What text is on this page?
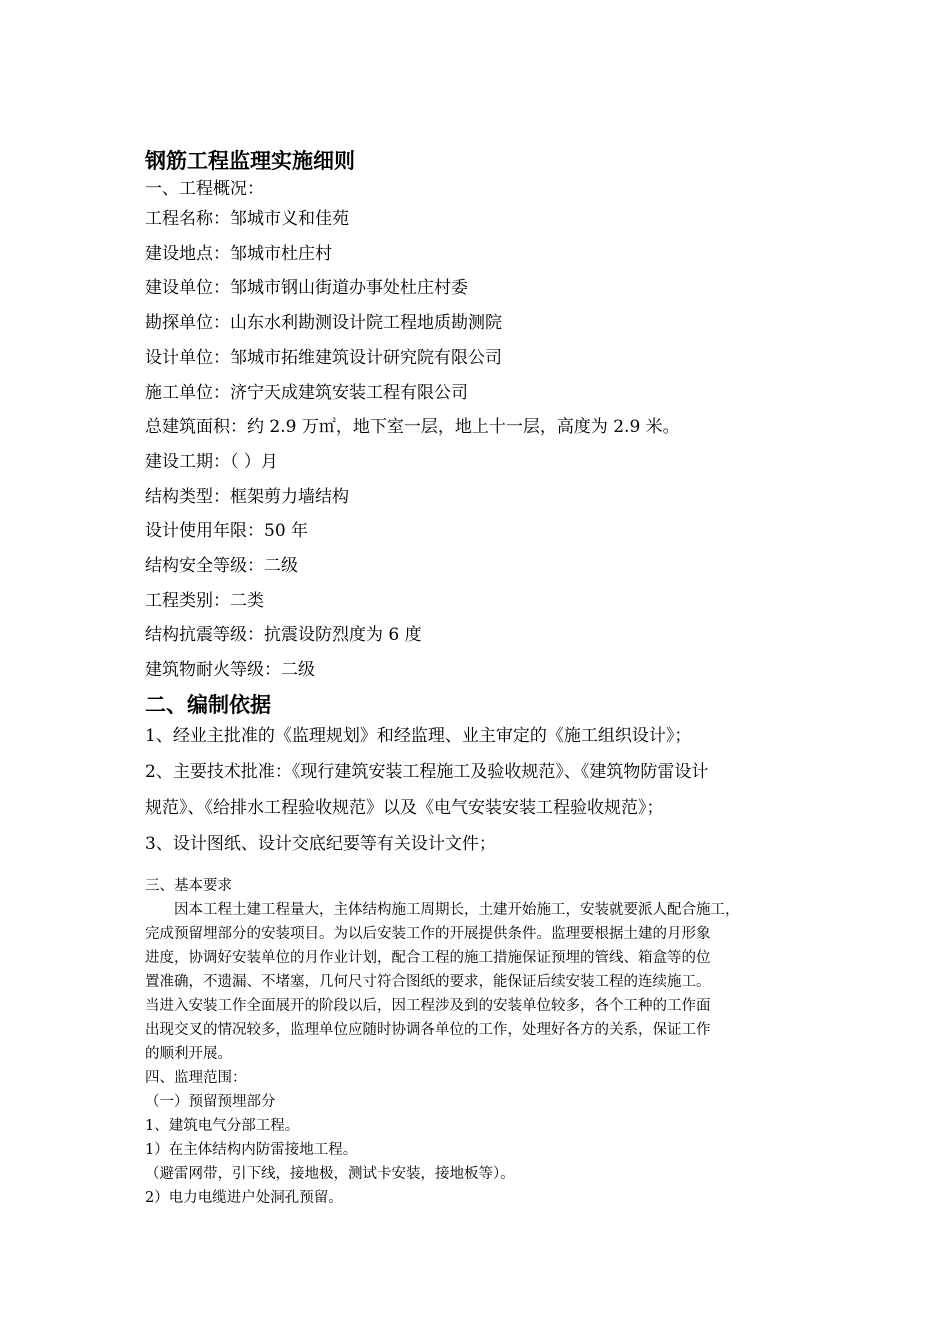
钢筋工程监理实施细则

一、工程概况：

工程名称：邹城市义和佳苑
建设地点：邹城市杜庄村
建设单位：邹城市钢山街道办事处杜庄村委
勘探单位：山东水利勘测设计院工程地质勘测院
设计单位：邹城市拓维建筑设计研究院有限公司
施工单位：济宁天成建筑安装工程有限公司
总建筑面积：约 2.9 万㎡，地下室一层，地上十一层，高度为 2.9 米。
建设工期：（ ）月
结构类型：框架剪力墙结构
设计使用年限：50 年
结构安全等级：二级
工程类别：二类
结构抗震等级：抗震设防烈度为 6 度
建筑物耐火等级：二级
二、编制依据
1、经业主批准的《监理规划》和经监理、业主审定的《施工组织设计》；
2、主要技术批准：《现行建筑安装工程施工及验收规范》、《建筑物防雷设计
规范》、《给排水工程验收规范》以及《电气安装安装工程验收规范》；
3、设计图纸、设计交底纪要等有关设计文件；

三、基本要求

因本工程土建工程量大，主体结构施工周期长，土建开始施工，安装就要派人配合施工，
完成预留埋部分的安装项目。为以后安装工作的开展提供条件。监理要根据土建的月形象
进度，协调好安装单位的月作业计划，配合工程的施工措施保证预埋的管线、箱盒等的位
置准确，不遗漏、不堵塞，几何尺寸符合图纸的要求，能保证后续安装工程的连续施工。
当进入安装工作全面展开的阶段以后，因工程涉及到的安装单位较多，各个工种的工作面
出现交叉的情况较多，监理单位应随时协调各单位的工作，处理好各方的关系，保证工作
的顺利开展。

四、监理范围：

（一）预留预埋部分

1、建筑电气分部工程。

1）在主体结构内防雷接地工程。

（避雷网带，引下线，接地极，测试卡安装，接地板等）。

2）电力电缆进户处洞孔预留。
